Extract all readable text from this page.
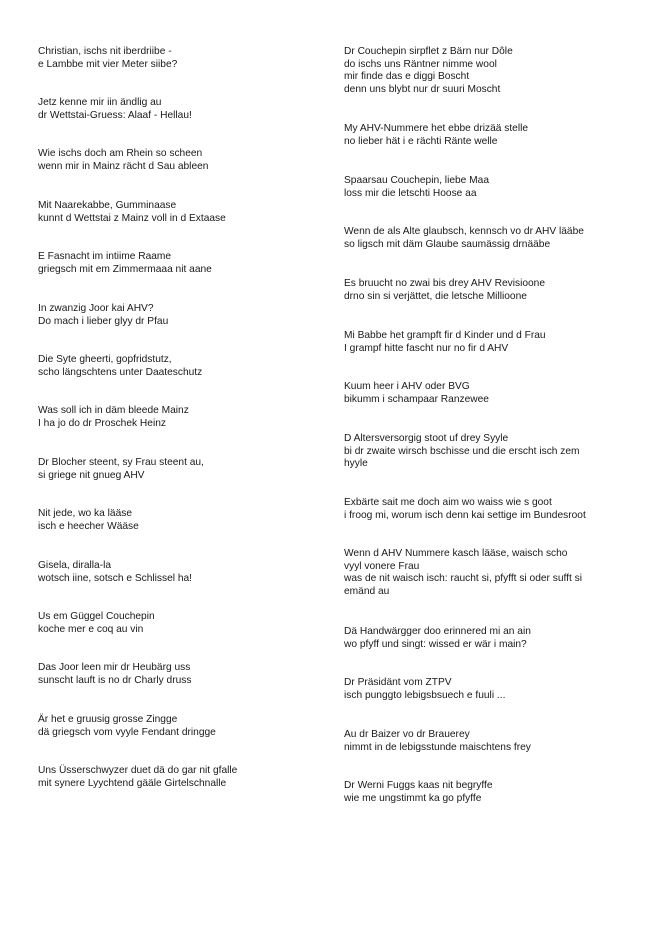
Christian, ischs nit iberdriibe -
e Lambbe mit vier Meter siibe?

Jetz kenne mir iin ändlig au
dr Wettstai-Gruess: Alaaf - Hellau!

Wie ischs doch am Rhein so scheen
wenn mir in Mainz rächt d Sau ableen

Mit Naarekabbe, Gumminaase
kunnt d Wettstai z Mainz voll in d Extaase

E Fasnacht im intiime Raame
griegsch mit em Zimmermaaa nit aane

In zwanzig Joor kai AHV?
Do mach i lieber glyy dr Pfau

Die Syte gheerti, gopfridstutz,
scho längschtens unter Daateschutz

Was soll ich in däm bleede Mainz
I ha jo do dr Proschek Heinz

Dr Blocher steent, sy Frau steent au,
si griege nit gnueg AHV

Nit jede, wo ka lääse
isch e heecher Wääse

Gisela, diralla-la
wotsch iine, sotsch e Schlissel ha!

Us em Güggel Couchepin
koche mer e coq au vin

Das Joor leen mir dr Heubärg uss
sunscht lauft is no dr Charly druss

Är het e gruusig grosse Zingge
dä griegsch vom vyyle Fendant dringge

Uns Üsserschwyzer duet dä do gar nit gfalle
mit synere Lyychtend gääle Girtelschnalle

Dr Couchepin sirpflet z Bärn nur Dôle
do ischs uns Räntner nimme wool
mir finde das e diggi Boscht
denn uns blybt nur dr suuri Moscht

My AHV-Nummere het ebbe drizää stelle
no lieber hät i e rächti Ränte welle

Spaarsau Couchepin, liebe Maa
loss mir die letschti Hoose aa

Wenn de als Alte glaubsch, kennsch vo dr AHV lääbe
so ligsch mit däm Glaube saumässig drnääbe

Es bruucht no zwai bis drey AHV Revisioone
drno sin si verjättet, die letsche Millioone

Mi Babbe het grampft fir d Kinder und d Frau
I grampf hitte fascht nur no fir d AHV

Kuum heer i AHV oder BVG
bikumm i schampaar Ranzewee

D Altersversorgig stoot uf drey Syyle
bi dr zwaite wirsch bschisse und die erscht isch zem
hyyle

Exbärte sait me doch aim wo waiss wie s goot
i froog mi, worum isch denn kai settige im Bundesroot

Wenn d AHV Nummere kasch lääse, waisch scho
vyyl vonere Frau
was de nit waisch isch: raucht si, pfyfft si oder sufft si
emänd au

Dä Handwärgger doo erinnered mi an ain
wo pfyff und singt: wissed er wär i main?

Dr Präsidänt vom ZTPV
isch punggto lebigsbsuech e fuuli ...

Au dr Baizer vo dr Brauerey
nimmt in de lebigsstunde maischtens frey

Dr Werni Fuggs kaas nit begryffe
wie me ungstimmt ka go pfyffe
